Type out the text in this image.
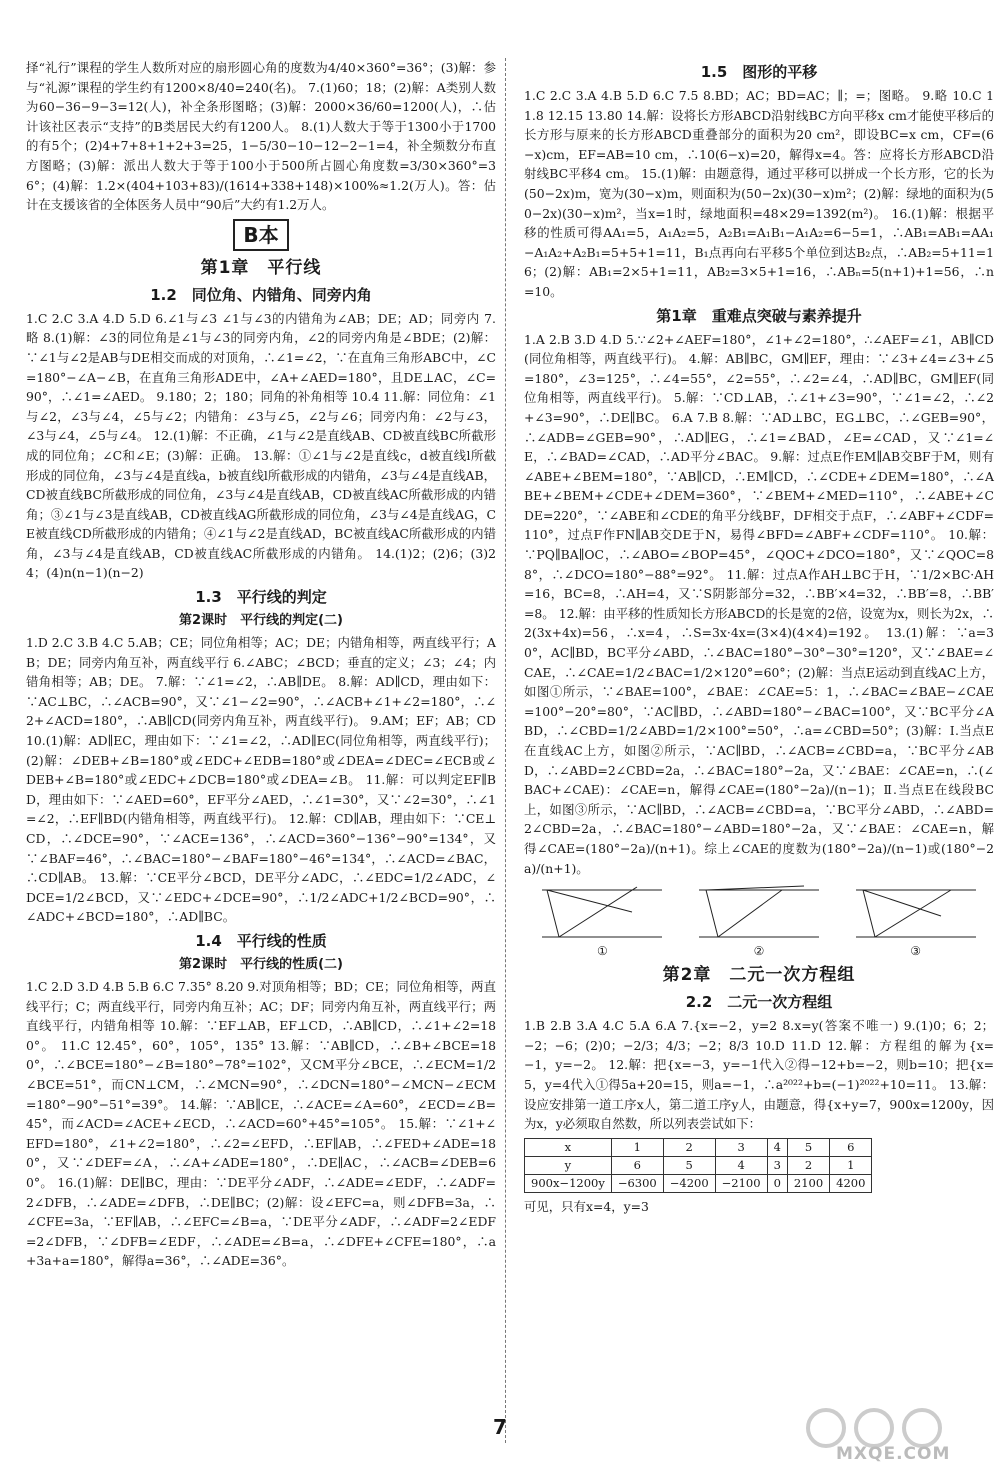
择“礼行”课程的学生人数所对应的扇形圆心角的度数为4/40×360°=36°；(3)解：参与“礼源”课程的学生约有1200×8/40=240(名)。 7.(1)60；18；(2)解：A类别人数为60−36−9−3=12(人)，补全条形图略；(3)解：2000×36/60=1200(人)，∴估计该社区表示“支持”的B类居民大约有1200人。 8.(1)人数大于等于1300小于1700的有5个；(2)4+7+8+1+2+3=25，1−5/30−10−12−2−1=4，补全频数分布直方图略；(3)解：派出人数大于等于100小于500所占圆心角度数=3/30×360°=36°；(4)解：1.2×(404+103+83)/(1614+338+148)×100%≈1.2(万人)。答：估计在支援该省的全体医务人员中“90后”大约有1.2万人。

B本
第1章　平行线
1.2　同位角、内错角、同旁内角

1.C 2.C 3.A 4.D 5.D 6.∠1与∠3 ∠1与∠3的内错角为∠AB；DE；AD；同旁内 7.略 8.(1)解：∠3的同位角是∠1与∠3的同旁内角，∠2的同旁内角是∠BDE；(2)解：∵∠1与∠2是AB与DE相交而成的对顶角，∴∠1=∠2，∵在直角三角形ABC中，∠C=180°−∠A−∠B，在直角三角形ADE中，∠A+∠AED=180°，且DE⊥AC，∠C=90°，∴∠1=∠AED。 9.180；2；180；同角的补角相等 10.4 11.解：同位角：∠1与∠2，∠3与∠4，∠5与∠2；内错角：∠3与∠5，∠2与∠6；同旁内角：∠2与∠3，∠3与∠4，∠5与∠4。 12.(1)解：不正确，∠1与∠2是直线AB、CD被直线BC所截形成的同位角；∠C和∠E；(3)解：正确。 13.解：①∠1与∠2是直线c，d被直线l所截形成的同位角，∠3与∠4是直线a，b被直线l所截形成的内错角，∠3与∠4是直线AB，CD被直线BC所截形成的同位角，∠3与∠4是直线AB，CD被直线AC所截形成的内错角；③∠1与∠3是直线AB，CD被直线AG所截形成的同位角，∠3与∠4是直线AG，CE被直线CD所截形成的内错角；④∠1与∠2是直线AD，BC被直线AC所截形成的内错角，∠3与∠4是直线AB，CD被直线AC所截形成的内错角。 14.(1)2；(2)6；(3)24；(4)n(n−1)(n−2)

1.3　平行线的判定
第2课时　平行线的判定(二)

1.D 2.C 3.B 4.C 5.AB；CE；同位角相等；AC；DE；内错角相等，两直线平行；AB；DE；同旁内角互补，两直线平行 6.∠ABC；∠BCD；垂直的定义；∠3；∠4；内错角相等；AB；DE。 7.解：∵∠1=∠2，∴AB∥DE。 8.解：AD∥CD，理由如下：∵AC⊥BC，∴∠ACB=90°，又∵∠1−∠2=90°，∴∠ACB+∠1+∠2=180°，∴∠2+∠ACD=180°，∴AB∥CD(同旁内角互补，两直线平行)。 9.AM；EF；AB；CD 10.(1)解：AD∥EC，理由如下：∵∠1=∠2，∴AD∥EC(同位角相等，两直线平行)；(2)解：∠DEB+∠B=180°或∠EDC+∠EDB=180°或∠DEA=∠DEC=∠ECB或∠DEB+∠B=180°或∠EDC+∠DCB=180°或∠DEA=∠B。 11.解：可以判定EF∥BD，理由如下：∵∠AED=60°，EF平分∠AED，∴∠1=30°，又∵∠2=30°，∴∠1=∠2，∴EF∥BD(内错角相等，两直线平行)。 12.解：CD∥AB，理由如下：∵CE⊥CD，∴∠DCE=90°，∵∠ACE=136°，∴∠ACD=360°−136°−90°=134°，又∵∠BAF=46°，∴∠BAC=180°−∠BAF=180°−46°=134°，∴∠ACD=∠BAC，∴CD∥AB。 13.解：∵CE平分∠BCD，DE平分∠ADC，∴∠EDC=1/2∠ADC，∠DCE=1/2∠BCD，又∵∠EDC+∠DCE=90°，∴1/2∠ADC+1/2∠BCD=90°，∴∠ADC+∠BCD=180°，∴AD∥BC。

1.4　平行线的性质
第2课时　平行线的性质(二)

1.C 2.D 3.D 4.B 5.B 6.C 7.35° 8.20 9.对顶角相等；BD；CE；同位角相等，两直线平行；C；两直线平行，同旁内角互补；AC；DF；同旁内角互补，两直线平行；两直线平行，内错角相等 10.解：∵EF⊥AB，EF⊥CD，∴AB∥CD，∴∠1+∠2=180°。 11.C 12.45°，60°，105°，135° 13.解：∵AB∥CD，∴∠B+∠BCE=180°，∴∠BCE=180°−∠B=180°−78°=102°，又CM平分∠BCE，∴∠ECM=1/2∠BCE=51°，而CN⊥CM，∴∠MCN=90°，∴∠DCN=180°−∠MCN−∠ECM=180°−90°−51°=39°。 14.解：∵AB∥CE，∴∠ACE=∠A=60°，∠ECD=∠B=45°，而∠ACD=∠ACE+∠ECD，∴∠ACD=60°+45°=105°。 15.解：∵∠1+∠EFD=180°，∠1+∠2=180°，∴∠2=∠EFD，∴EF∥AB，∴∠FED+∠ADE=180°，又∵∠DEF=∠A，∴∠A+∠ADE=180°，∴DE∥AC，∴∠ACB=∠DEB=60°。 16.(1)解：DE∥BC，理由：∵DE平分∠ADF，∴∠ADE=∠EDF，∴∠ADF=2∠DFB，∴∠ADE=∠DFB，∴DE∥BC；(2)解：设∠EFC=a，则∠DFB=3a，∴∠CFE=3a，∵EF∥AB，∴∠EFC=∠B=a，∵DE平分∠ADF，∴∠ADF=2∠EDF=2∠DFB，∵∠DFB=∠EDF，∴∠ADE=∠B=a，∴∠DFE+∠CFE=180°，∴a+3a+a=180°，解得a=36°，∴∠ADE=36°。

1.5　图形的平移

1.C 2.C 3.A 4.B 5.D 6.C 7.5 8.BD；AC；BD=AC；∥；=；图略。 9.略 10.C 11.8 12.15 13.80 14.解：设将长方形ABCD沿射线BC方向平移x cm才能使平移后的长方形与原来的长方形ABCD重叠部分的面积为20 cm²，即设BC=x cm，CF=(6−x)cm，EF=AB=10 cm，∴10(6−x)=20，解得x=4。答：应将长方形ABCD沿射线BC平移4 cm。 15.(1)解：由题意得，通过平移可以拼成一个长方形，它的长为(50−2x)m，宽为(30−x)m，则面积为(50−2x)(30−x)m²；(2)解：绿地的面积为(50−2x)(30−x)m²，当x=1时，绿地面积=48×29=1392(m²)。 16.(1)解：根据平移的性质可得AA₁=5，A₁A₂=5，A₂B₁=A₁B₁−A₁A₂=6−5=1，∴AB₁=AB₁=AA₁−A₁A₂+A₂B₁=5+5+1=11，B₁点再向右平移5个单位到达B₂点，∴AB₂=5+11=16；(2)解：AB₁=2×5+1=11，AB₂=3×5+1=16，∴ABₙ=5(n+1)+1=56，∴n=10。

第1章　重难点突破与素养提升

1.A 2.B 3.D 4.D 5.∵∠2+∠AEF=180°，∠1+∠2=180°，∴∠AEF=∠1，AB∥CD(同位角相等，两直线平行)。 4.解：AB∥BC，GM∥EF，理由：∵∠3+∠4=∠3+∠5=180°，∠3=125°，∴∠4=55°，∠2=55°，∴∠2=∠4，∴AD∥BC，GM∥EF(同位角相等，两直线平行)。 5.解：∵CD⊥AB，∴∠1+∠3=90°，∵∠1=∠2，∴∠2+∠3=90°，∴DE∥BC。 6.A 7.B 8.解：∵AD⊥BC，EG⊥BC，∴∠GEB=90°，∴∠ADB=∠GEB=90°，∴AD∥EG，∴∠1=∠BAD，∠E=∠CAD，又∵∠1=∠E，∴∠BAD=∠CAD，∴AD平分∠BAC。 9.解：过点E作EM∥AB交BF于M，则有∠ABE+∠BEM=180°，∵AB∥CD，∴EM∥CD，∴∠CDE+∠DEM=180°，∴∠ABE+∠BEM+∠CDE+∠DEM=360°，∵∠BEM+∠MED=110°，∴∠ABE+∠CDE=220°，∵∠ABE和∠CDE的角平分线BF，DF相交于点F，∴∠ABF+∠CDF=110°，过点F作FN∥AB交DE于N，易得∠BFD=∠ABF+∠CDF=110°。 10.解：∵PQ∥BA∥OC，∴∠ABO=∠BOP=45°，∠QOC+∠DCO=180°，又∵∠QOC=88°，∴∠DCO=180°−88°=92°。 11.解：过点A作AH⊥BC于H，∵1/2×BC·AH=16，BC=8，∴AH=4，又∵S阴影部分=32，∴BB′×4=32，∴BB′=8，∴BB′=8。 12.解：由平移的性质知长方形ABCD的长是宽的2倍，设宽为x，则长为2x，∴2(3x+4x)=56，∴x=4，∴S=3x·4x=(3×4)(4×4)=192。 13.(1)解：∵a=30°，AC∥BD，BC平分∠ABD，∴∠BAC=180°−30°−30°=120°，又∵∠BAE=∠CAE，∴∠CAE=1/2∠BAC=1/2×120°=60°；(2)解：当点E运动到直线AC上方，如图①所示，∵∠BAE=100°，∠BAE：∠CAE=5：1，∴∠BAC=∠BAE−∠CAE=100°−20°=80°，∵AC∥BD，∴∠ABD=180°−∠BAC=100°，又∵BC平分∠ABD，∴∠CBD=1/2∠ABD=1/2×100°=50°，∴a=∠CBD=50°；(3)解：Ⅰ.当点E在直线AC上方，如图②所示，∵AC∥BD，∴∠ACB=∠CBD=a，∵BC平分∠ABD，∴∠ABD=2∠CBD=2a，∴∠BAC=180°−2a，又∵∠BAE：∠CAE=n，∴(∠BAC+∠CAE)：∠CAE=n，解得∠CAE=(180°−2a)/(n−1)；Ⅱ.当点E在线段BC上，如图③所示，∵AC∥BD，∴∠ACB=∠CBD=a，∵BC平分∠ABD，∴∠ABD=2∠CBD=2a，∴∠BAC=180°−∠ABD=180°−2a，又∵∠BAE：∠CAE=n，解得∠CAE=(180°−2a)/(n+1)。综上∠CAE的度数为(180°−2a)/(n−1)或(180°−2a)/(n+1)。

①	②	③
第2章　二元一次方程组
2.2　二元一次方程组

1.B 2.B 3.A 4.C 5.A 6.A 7.{x=−2，y=2 8.x=y(答案不唯一) 9.(1)0；6；2；−2；−6；(2)0；−2/3；4/3；−2；8/3 10.D 11.D 12.解：方程组的解为{x=−1，y=−2。 12.解：把{x=−3，y=−1代入②得−12+b=−2，则b=10；把{x=5，y=4代入①得5a+20=15，则a=−1，∴a²⁰²²+b=(−1)²⁰²²+10=11。 13.解：设应安排第一道工序x人，第二道工序y人，由题意，得{x+y=7，900x=1200y，因为x，y必须取自然数，所以列表尝试如下：

x	1	2	3	4	5	6
y	6	5	4	3	2	1
900x−1200y	−6300	−4200	−2100	0	2100	4200

可见，只有x=4，y=3

7
MXQE.COM
